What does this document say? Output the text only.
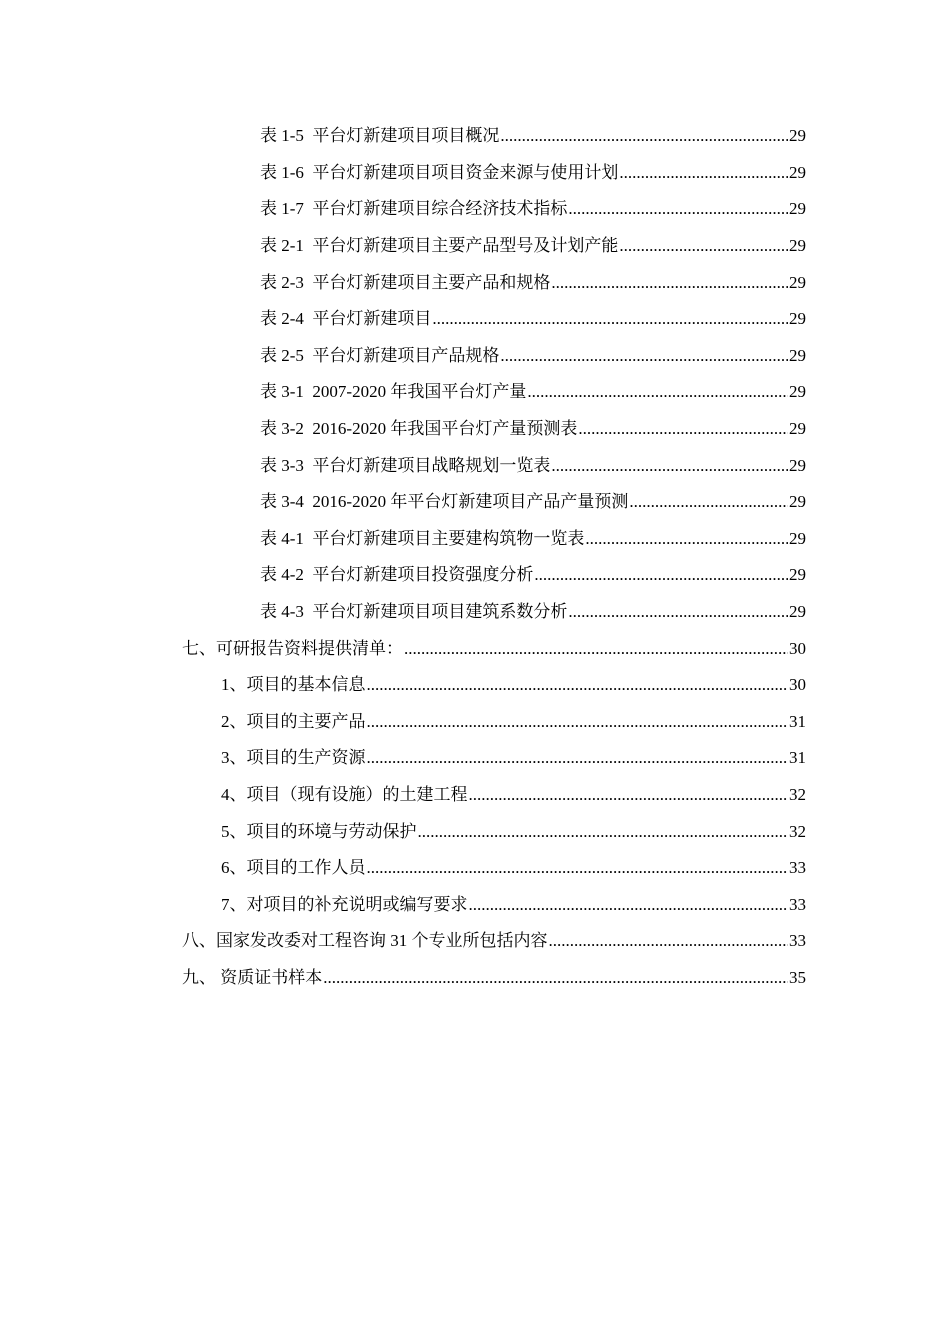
表 1-5 平台灯新建项目项目概况 .....	29
表 1-6 平台灯新建项目项目资金来源与使用计划 .....	29
表 1-7 平台灯新建项目综合经济技术指标 .....	29
表 2-1 平台灯新建项目主要产品型号及计划产能 .....	29
表 2-3 平台灯新建项目主要产品和规格 .....	29
表 2-4 平台灯新建项目 .....	29
表 2-5 平台灯新建项目产品规格 .....	29
表 3-1 2007-2020 年我国平台灯产量 .....	29
表 3-2 2016-2020 年我国平台灯产量预测表 .....	29
表 3-3 平台灯新建项目战略规划一览表 .....	29
表 3-4 2016-2020 年平台灯新建项目产品产量预测 .....	29
表 4-1 平台灯新建项目主要建构筑物一览表 .....	29
表 4-2 平台灯新建项目投资强度分析 .....	29
表 4-3 平台灯新建项目项目建筑系数分析 .....	29
七、可研报告资料提供清单： .....	30
1、项目的基本信息 .....	30
2、项目的主要产品 .....	31
3、项目的生产资源 .....	31
4、项目（现有设施）的土建工程 .....	32
5、项目的环境与劳动保护 .....	32
6、项目的工作人员 .....	33
7、对项目的补充说明或编写要求 .....	33
八、国家发改委对工程咨询 31 个专业所包括内容 .....	33
九、 资质证书样本 .....	35
